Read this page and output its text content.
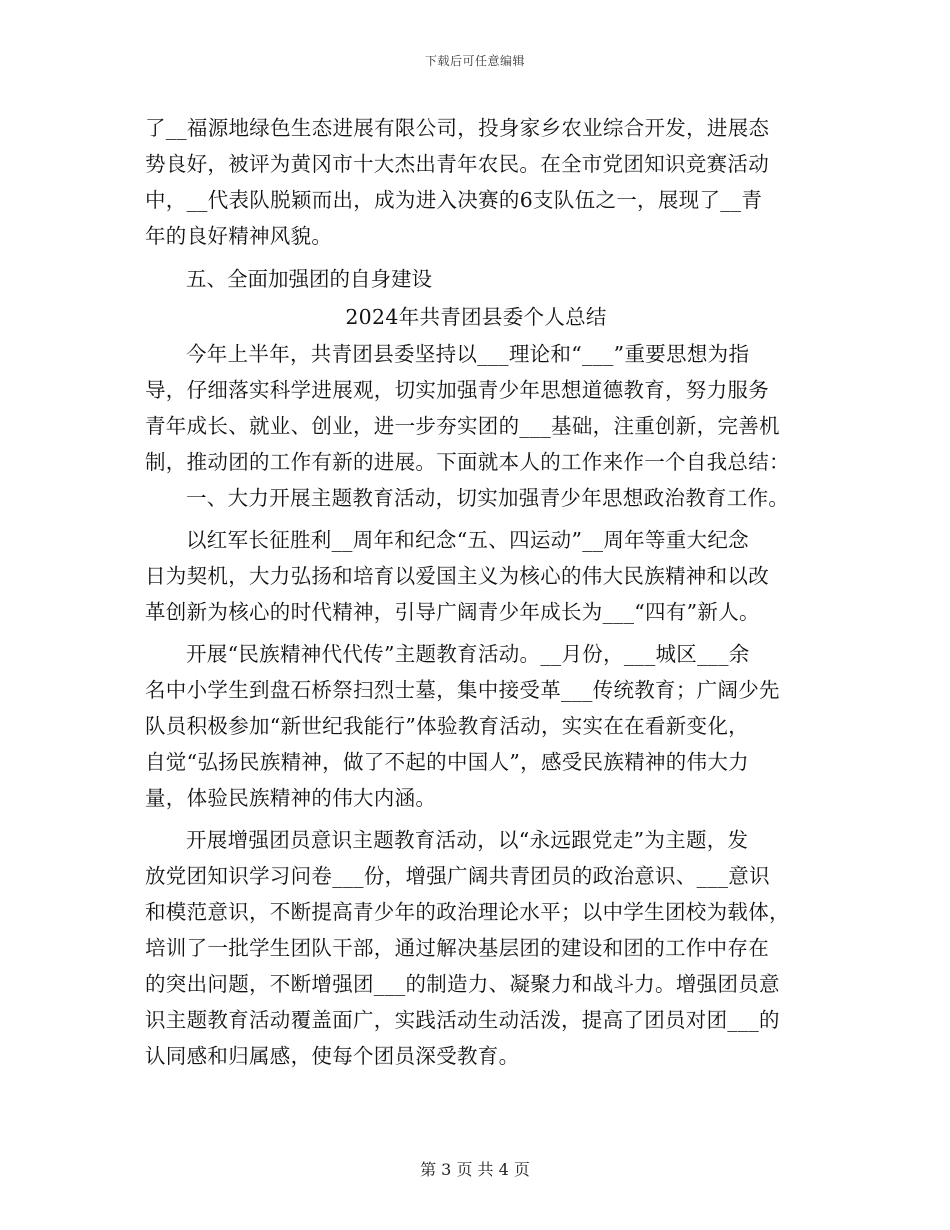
下载后可任意编辑
了__福源地绿色生态进展有限公司，投身家乡农业综合开发，进展态
势良好，被评为黄冈市十大杰出青年农民。在全市党团知识竞赛活动
中，__代表队脱颖而出，成为进入决赛的6支队伍之一，展现了__青
年的良好精神风貌。
五、全面加强团的自身建设
2024年共青团县委个人总结
今年上半年，共青团县委坚持以___理论和“___”重要思想为指
导，仔细落实科学进展观，切实加强青少年思想道德教育，努力服务
青年成长、就业、创业，进一步夯实团的___基础，注重创新，完善机
制，推动团的工作有新的进展。下面就本人的工作来作一个自我总结：
一、大力开展主题教育活动，切实加强青少年思想政治教育工作。
以红军长征胜利__周年和纪念“五、四运动”__周年等重大纪念
日为契机，大力弘扬和培育以爱国主义为核心的伟大民族精神和以改
革创新为核心的时代精神，引导广阔青少年成长为___“四有”新人。
开展“民族精神代代传”主题教育活动。__月份，___城区___余
名中小学生到盘石桥祭扫烈士墓，集中接受革___传统教育；广阔少先
队员积极参加“新世纪我能行”体验教育活动，实实在在看新变化，
自觉“弘扬民族精神，做了不起的中国人”，感受民族精神的伟大力
量，体验民族精神的伟大内涵。
开展增强团员意识主题教育活动，以“永远跟党走”为主题，发
放党团知识学习问卷___份，增强广阔共青团员的政治意识、___意识
和模范意识，不断提高青少年的政治理论水平；以中学生团校为载体，
培训了一批学生团队干部，通过解决基层团的建设和团的工作中存在
的突出问题，不断增强团___的制造力、凝聚力和战斗力。增强团员意
识主题教育活动覆盖面广，实践活动生动活泼，提高了团员对团___的
认同感和归属感，使每个团员深受教育。
第 3 页 共 4 页
